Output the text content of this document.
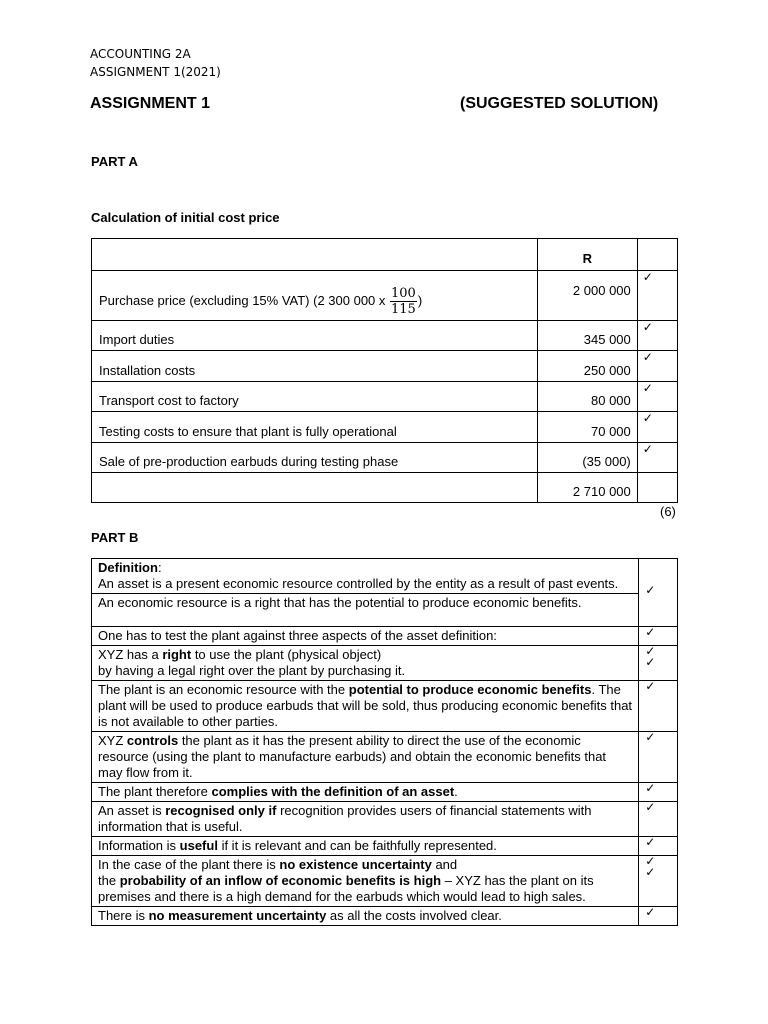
ACCOUNTING 2A
ASSIGNMENT 1(2021)
ASSIGNMENT 1	(SUGGESTED SOLUTION)
PART A
Calculation of initial cost price
	R	
Purchase price (excluding 15% VAT) (2 300 000 x $\frac{100}{115}$ )	2 000 000	✓

Import duties	345 000	✓

Installation costs	250 000	✓

Transport cost to factory	80 000	✓

Testing costs to ensure that plant is fully operational	70 000	✓

Sale of pre-production earbuds during testing phase	(35 000)	✓

	2 710 000	
(6)
PART B
Definition:
An asset is a present economic resource controlled by the entity as a result of past events.	✓

An economic resource is a right that has the potential to produce economic benefits.	
One has to test the plant against three aspects of the asset definition:	✓

XYZ has a right to use the plant (physical object)
by having a legal right over the plant by purchasing it.	✓
✓

The plant is an economic resource with the potential to produce economic benefits. The plant will be used to produce earbuds that will be sold, thus producing economic benefits that is not available to other parties.	✓

XYZ controls the plant as it has the present ability to direct the use of the economic resource (using the plant to manufacture earbuds) and obtain the economic benefits that may flow from it.	✓

The plant therefore complies with the definition of an asset.	✓

An asset is recognised only if recognition provides users of financial statements with information that is useful.	✓

Information is useful if it is relevant and can be faithfully represented.	✓

In the case of the plant there is no existence uncertainty and
the probability of an inflow of economic benefits is high – XYZ has the plant on its premises and there is a high demand for the earbuds which would lead to high sales.	✓
✓

There is no measurement uncertainty as all the costs involved clear.	✓
